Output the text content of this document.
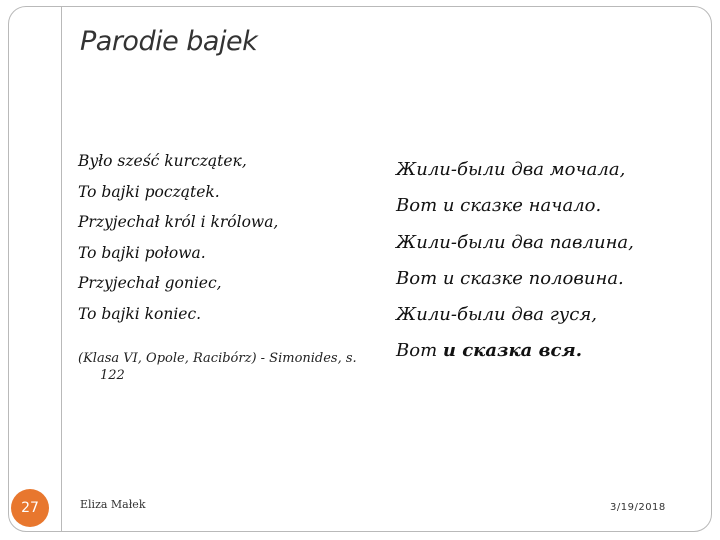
Parodie bajek
Było sześć kurcząteк,
To bajki początek.
Przyjechał król i królowa,
To bajki połowa.
Przyjechał goniec,
To bajki koniec.
(Klasa VI, Opole, Racibórz) - Simonides, s.
122
Жили-были два мочала,
Вот и сказке начало.
Жили-были два павлина,
Вот и сказке половина.
Жили-были два гуся,
Вот и сказка вся.
27	Eliza Małek	3/19/2018
